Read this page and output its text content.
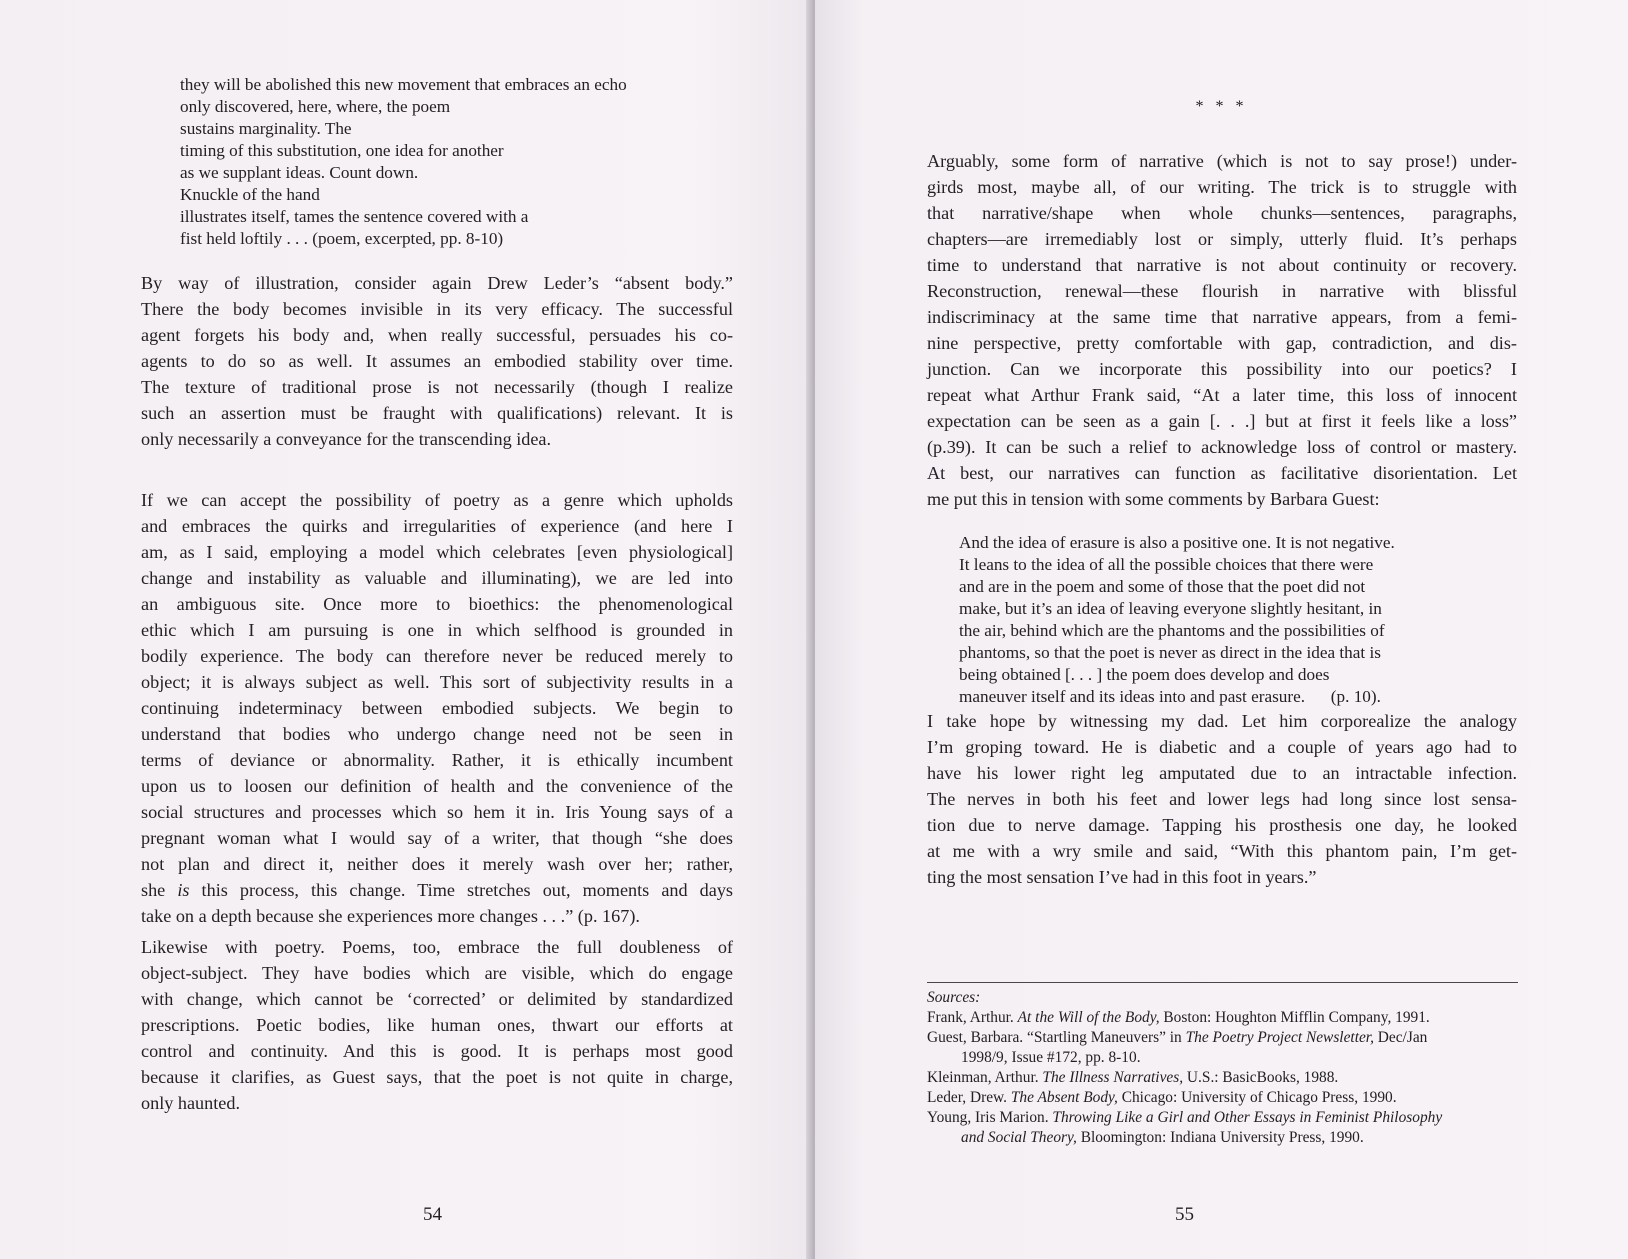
they will be abolished this new movement that embraces an echo
only discovered, here, where, the poem
sustains marginality. The
timing of this substitution, one idea for another
as we supplant ideas. Count down.
Knuckle of the hand
illustrates itself, tames the sentence covered with a
fist held loftily . . . (poem, excerpted, pp. 8-10)
By way of illustration, consider again Drew Leder’s “absent body.”
There the body becomes invisible in its very efficacy. The successful
agent forgets his body and, when really successful, persuades his co-
agents to do so as well. It assumes an embodied stability over time.
The texture of traditional prose is not necessarily (though I realize
such an assertion must be fraught with qualifications) relevant. It is
only necessarily a conveyance for the transcending idea.
If we can accept the possibility of poetry as a genre which upholds
and embraces the quirks and irregularities of experience (and here I
am, as I said, employing a model which celebrates [even physiological]
change and instability as valuable and illuminating), we are led into
an ambiguous site. Once more to bioethics: the phenomenological
ethic which I am pursuing is one in which selfhood is grounded in
bodily experience. The body can therefore never be reduced merely to
object; it is always subject as well. This sort of subjectivity results in a
continuing indeterminacy between embodied subjects. We begin to
understand that bodies who undergo change need not be seen in
terms of deviance or abnormality. Rather, it is ethically incumbent
upon us to loosen our definition of health and the convenience of the
social structures and processes which so hem it in. Iris Young says of a
pregnant woman what I would say of a writer, that though “she does
not plan and direct it, neither does it merely wash over her; rather,
she is this process, this change. Time stretches out, moments and days
take on a depth because she experiences more changes . . .” (p. 167).
Likewise with poetry. Poems, too, embrace the full doubleness of
object-subject. They have bodies which are visible, which do engage
with change, which cannot be ‘corrected’ or delimited by standardized
prescriptions. Poetic bodies, like human ones, thwart our efforts at
control and continuity. And this is good. It is perhaps most good
because it clarifies, as Guest says, that the poet is not quite in charge,
only haunted.
54
* * *
Arguably, some form of narrative (which is not to say prose!) under-
girds most, maybe all, of our writing. The trick is to struggle with
that narrative/shape when whole chunks—sentences, paragraphs,
chapters—are irremediably lost or simply, utterly fluid. It’s perhaps
time to understand that narrative is not about continuity or recovery.
Reconstruction, renewal—these flourish in narrative with blissful
indiscriminacy at the same time that narrative appears, from a femi-
nine perspective, pretty comfortable with gap, contradiction, and dis-
junction. Can we incorporate this possibility into our poetics? I
repeat what Arthur Frank said, “At a later time, this loss of innocent
expectation can be seen as a gain [. . .] but at first it feels like a loss”
(p.39). It can be such a relief to acknowledge loss of control or mastery.
At best, our narratives can function as facilitative disorientation. Let
me put this in tension with some comments by Barbara Guest:
And the idea of erasure is also a positive one. It is not negative.
It leans to the idea of all the possible choices that there were
and are in the poem and some of those that the poet did not
make, but it’s an idea of leaving everyone slightly hesitant, in
the air, behind which are the phantoms and the possibilities of
phantoms, so that the poet is never as direct in the idea that is
being obtained [. . . ] the poem does develop and does
maneuver itself and its ideas into and past erasure.      (p. 10).
I take hope by witnessing my dad. Let him corporealize the analogy
I’m groping toward. He is diabetic and a couple of years ago had to
have his lower right leg amputated due to an intractable infection.
The nerves in both his feet and lower legs had long since lost sensa-
tion due to nerve damage. Tapping his prosthesis one day, he looked
at me with a wry smile and said, “With this phantom pain, I’m get-
ting the most sensation I’ve had in this foot in years.”
Sources:
Frank, Arthur. At the Will of the Body, Boston: Houghton Mifflin Company, 1991.
Guest, Barbara. “Startling Maneuvers” in The Poetry Project Newsletter, Dec/Jan
1998/9, Issue #172, pp. 8-10.
Kleinman, Arthur. The Illness Narratives, U.S.: BasicBooks, 1988.
Leder, Drew. The Absent Body, Chicago: University of Chicago Press, 1990.
Young, Iris Marion. Throwing Like a Girl and Other Essays in Feminist Philosophy
and Social Theory, Bloomington: Indiana University Press, 1990.
55
